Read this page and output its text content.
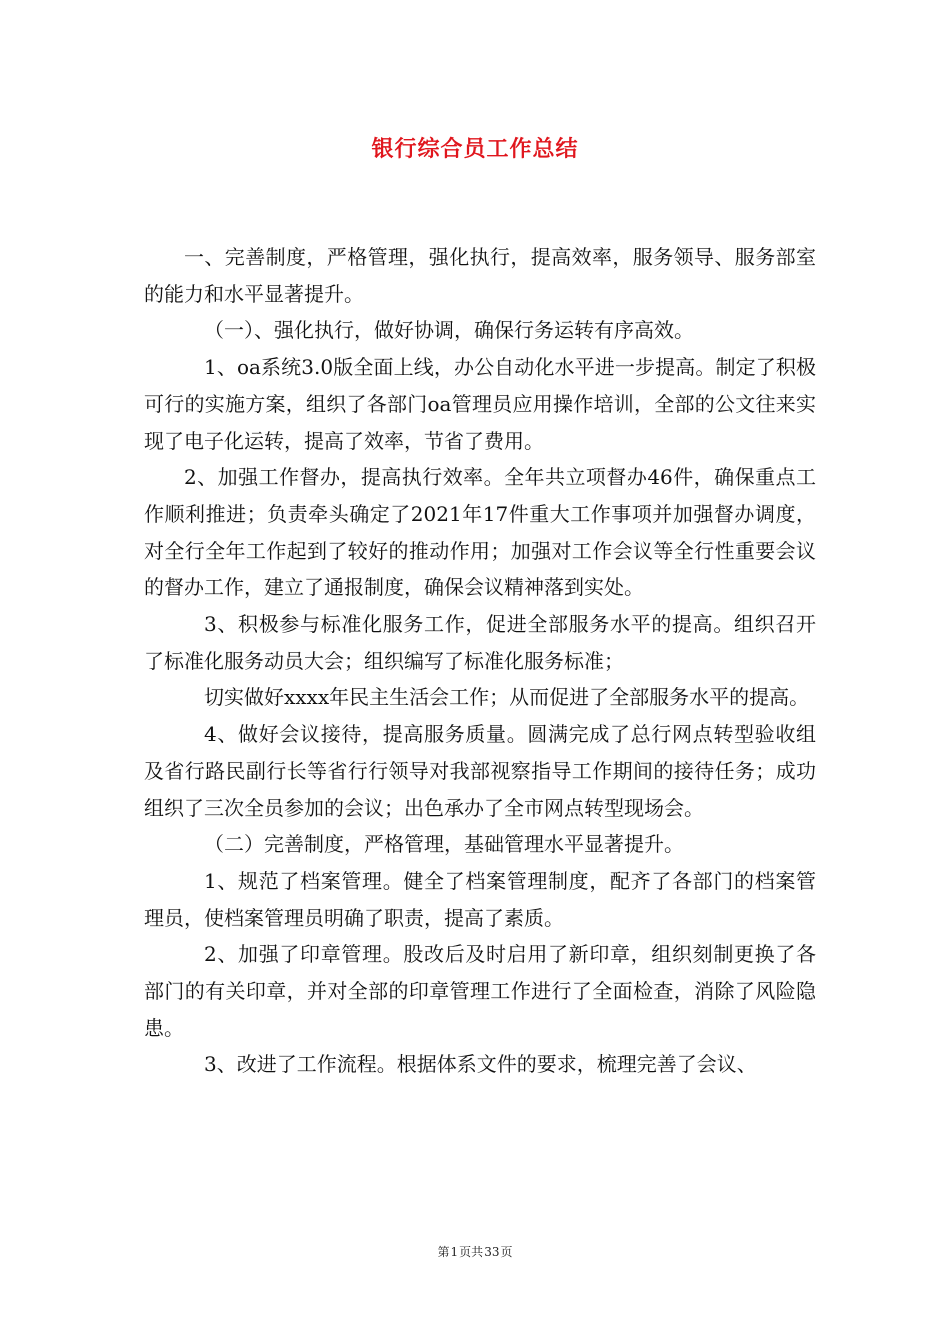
银行综合员工作总结

一、完善制度，严格管理，强化执行，提高效率，服务领导、服务部室的能力和水平显著提升。

（一）、强化执行，做好协调，确保行务运转有序高效。

1、oa系统3.0版全面上线，办公自动化水平进一步提高。制定了积极可行的实施方案，组织了各部门oa管理员应用操作培训，全部的公文往来实现了电子化运转，提高了效率，节省了费用。

2、加强工作督办，提高执行效率。全年共立项督办46件，确保重点工作顺利推进；负责牵头确定了2021年17件重大工作事项并加强督办调度，对全行全年工作起到了较好的推动作用；加强对工作会议等全行性重要会议的督办工作，建立了通报制度，确保会议精神落到实处。

3、积极参与标准化服务工作，促进全部服务水平的提高。组织召开了标准化服务动员大会；组织编写了标准化服务标准；

切实做好xxxx年民主生活会工作；从而促进了全部服务水平的提高。

4、做好会议接待，提高服务质量。圆满完成了总行网点转型验收组及省行路民副行长等省行行领导对我部视察指导工作期间的接待任务；成功组织了三次全员参加的会议；出色承办了全市网点转型现场会。

（二）完善制度，严格管理，基础管理水平显著提升。

1、规范了档案管理。健全了档案管理制度，配齐了各部门的档案管理员，使档案管理员明确了职责，提高了素质。

2、加强了印章管理。股改后及时启用了新印章，组织刻制更换了各部门的有关印章，并对全部的印章管理工作进行了全面检查，消除了风险隐患。

3、改进了工作流程。根据体系文件的要求，梳理完善了会议、

第1页共33页
